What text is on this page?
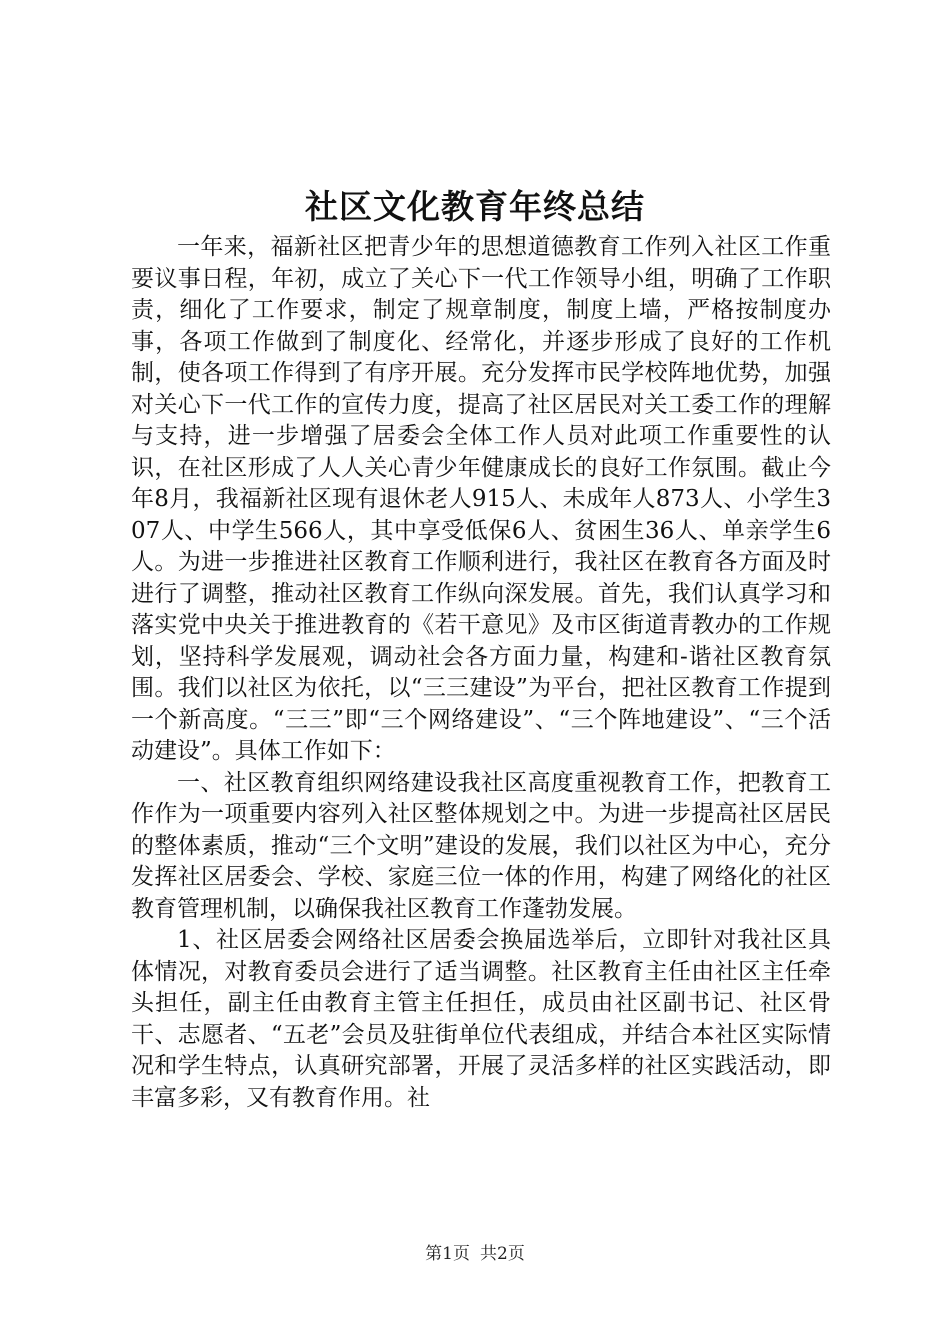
社区文化教育年终总结

一年来，福新社区把青少年的思想道德教育工作列入社区工作重要议事日程，年初，成立了关心下一代工作领导小组，明确了工作职责，细化了工作要求，制定了规章制度，制度上墙，严格按制度办事，各项工作做到了制度化、经常化，并逐步形成了良好的工作机制，使各项工作得到了有序开展。充分发挥市民学校阵地优势，加强对关心下一代工作的宣传力度，提高了社区居民对关工委工作的理解与支持，进一步增强了居委会全体工作人员对此项工作重要性的认识，在社区形成了人人关心青少年健康成长的良好工作氛围。截止今年8月，我福新社区现有退休老人915人、未成年人873人、小学生307人、中学生566人，其中享受低保6人、贫困生36人、单亲学生6人。为进一步推进社区教育工作顺利进行，我社区在教育各方面及时进行了调整，推动社区教育工作纵向深发展。首先，我们认真学习和落实党中央关于推进教育的《若干意见》及市区街道青教办的工作规划，坚持科学发展观，调动社会各方面力量，构建和-谐社区教育氛围。我们以社区为依托，以“三三建设”为平台，把社区教育工作提到一个新高度。“三三”即“三个网络建设”、“三个阵地建设”、“三个活动建设”。具体工作如下：

一、社区教育组织网络建设我社区高度重视教育工作，把教育工作作为一项重要内容列入社区整体规划之中。为进一步提高社区居民的整体素质，推动“三个文明”建设的发展，我们以社区为中心，充分发挥社区居委会、学校、家庭三位一体的作用，构建了网络化的社区教育管理机制，以确保我社区教育工作蓬勃发展。

1、社区居委会网络社区居委会换届选举后，立即针对我社区具体情况，对教育委员会进行了适当调整。社区教育主任由社区主任牵头担任，副主任由教育主管主任担任，成员由社区副书记、社区骨干、志愿者、“五老”会员及驻街单位代表组成，并结合本社区实际情况和学生特点，认真研究部署，开展了灵活多样的社区实践活动，即丰富多彩，又有教育作用。社

第1页 共2页
